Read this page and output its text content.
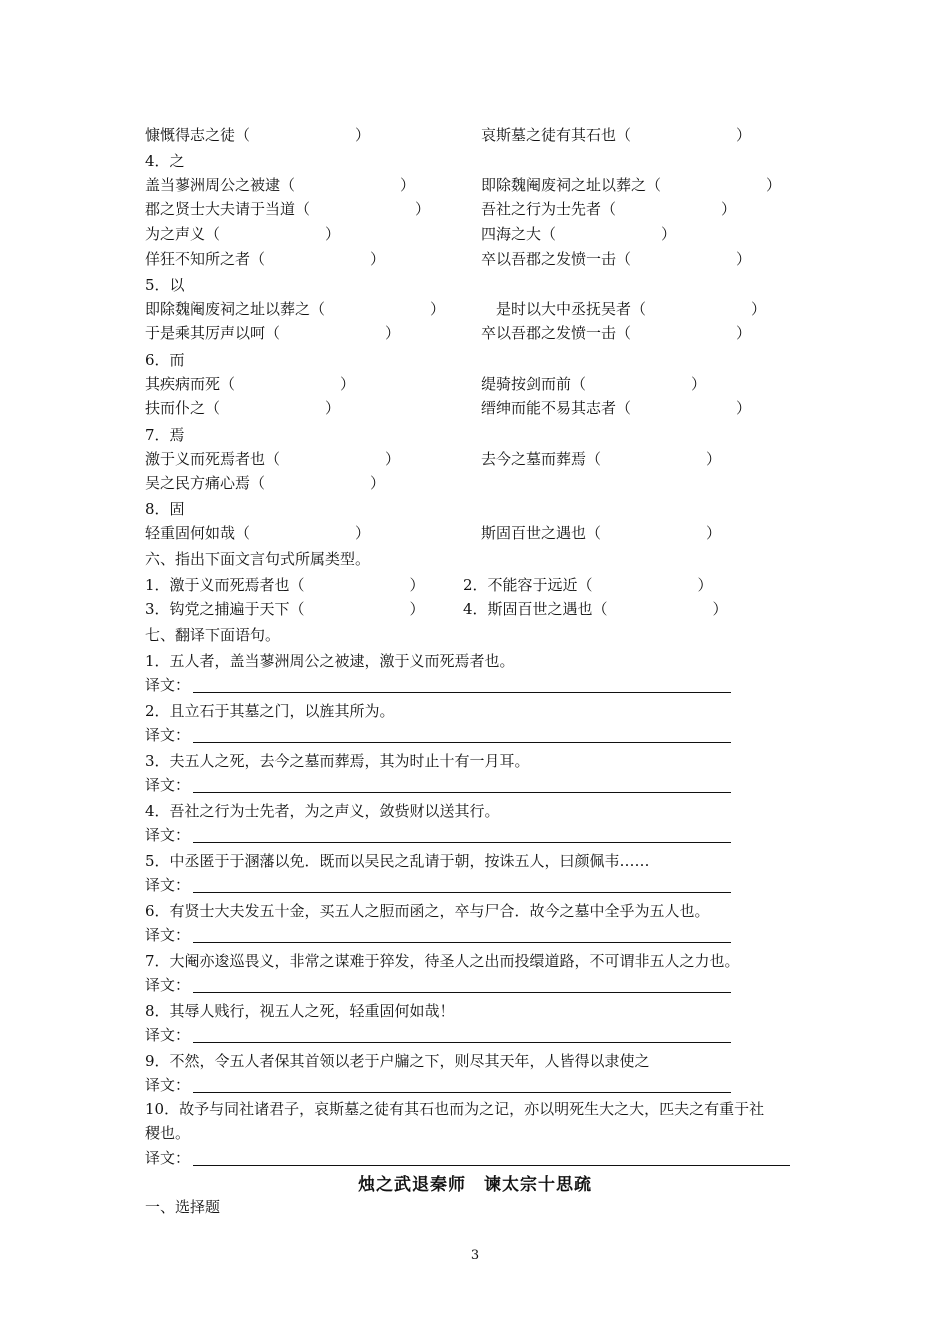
慷慨得志之徒（　　　　　　　）	哀斯墓之徒有其石也（　　　　　　　）
4．之
盖当蓼洲周公之被逮（　　　　　　　）	即除魏阉废祠之址以葬之（　　　　　　　）
郡之贤士大夫请于当道（　　　　　　　）	吾社之行为士先者（　　　　　　　）
为之声义（　　　　　　　）	四海之大（　　　　　　　）
佯狂不知所之者（　　　　　　　）	卒以吾郡之发愤一击（　　　　　　　）
5．以
即除魏阉废祠之址以葬之（　　　　　　　） 　是时以大中丞抚吴者（　　　　　　　）
于是乘其厉声以呵（　　　　　　　）	卒以吾郡之发愤一击（　　　　　　　）
6．而
其疾病而死（　　　　　　　）	缇骑按剑而前（　　　　　　　）
扶而仆之（　　　　　　　）	缙绅而能不易其志者（　　　　　　　）
7．焉
激于义而死焉者也（　　　　　　　）	去今之墓而葬焉（　　　　　　　）
吴之民方痛心焉（　　　　　　　）
8．固
轻重固何如哉（　　　　　　　）	斯固百世之遇也（　　　　　　　）
六、指出下面文言句式所属类型。
1．激于义而死焉者也（　　　　　　　）	2．不能容于远近（　　　　　　　）
3．钩党之捕遍于天下（　　　　　　　）	4．斯固百世之遇也（　　　　　　　）
七、翻译下面语句。
1．五人者，盖当蓼洲周公之被逮，激于义而死焉者也。
译文：
2．且立石于其墓之门，以旌其所为。
译文：
3．夫五人之死，去今之墓而葬焉，其为时止十有一月耳。
译文：
4．吾社之行为士先者，为之声义，敛赀财以送其行。
译文：
5．中丞匿于于溷藩以免．既而以吴民之乱请于朝，按诛五人，曰颜佩韦……
译文：
6．有贤士大夫发五十金，买五人之脰而函之，卒与尸合．故今之墓中全乎为五人也。
译文：
7．大阉亦逡巡畏义，非常之谋难于猝发，待圣人之出而投缳道路，不可谓非五人之力也。
译文：
8．其辱人贱行，视五人之死，轻重固何如哉！
译文：
9．不然，令五人者保其首领以老于户牖之下，则尽其天年，人皆得以隶使之
译文：
10．故予与同社诸君子，哀斯墓之徒有其石也而为之记，亦以明死生大之大，匹夫之有重于社
稷也。
译文：
烛之武退秦师　谏太宗十思疏
一、选择题
3
